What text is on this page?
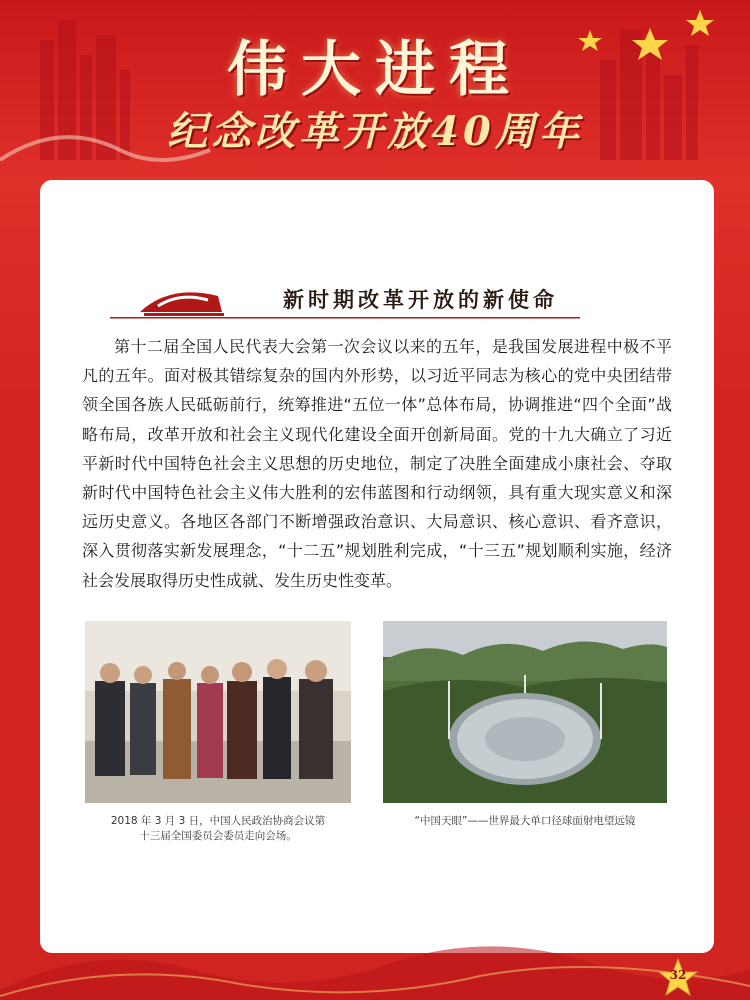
伟大进程
纪念改革开放40周年
新时期改革开放的新使命

第十二届全国人民代表大会第一次会议以来的五年，是我国发展进程中极不平凡的五年。面对极其错综复杂的国内外形势，以习近平同志为核心的党中央团结带领全国各族人民砥砺前行，统筹推进“五位一体”总体布局，协调推进“四个全面”战略布局，改革开放和社会主义现代化建设全面开创新局面。党的十九大确立了习近平新时代中国特色社会主义思想的历史地位，制定了决胜全面建成小康社会、夺取新时代中国特色社会主义伟大胜利的宏伟蓝图和行动纲领，具有重大现实意义和深远历史意义。各地区各部门不断增强政治意识、大局意识、核心意识、看齐意识，深入贯彻落实新发展理念，“十二五”规划胜利完成，“十三五”规划顺利实施，经济社会发展取得历史性成就、发生历史性变革。

2018 年 3 月 3 日，中国人民政治协商会议第
十三届全国委员会委员走向会场。
“中国天眼”——世界最大单口径球面射电望远镜
32
